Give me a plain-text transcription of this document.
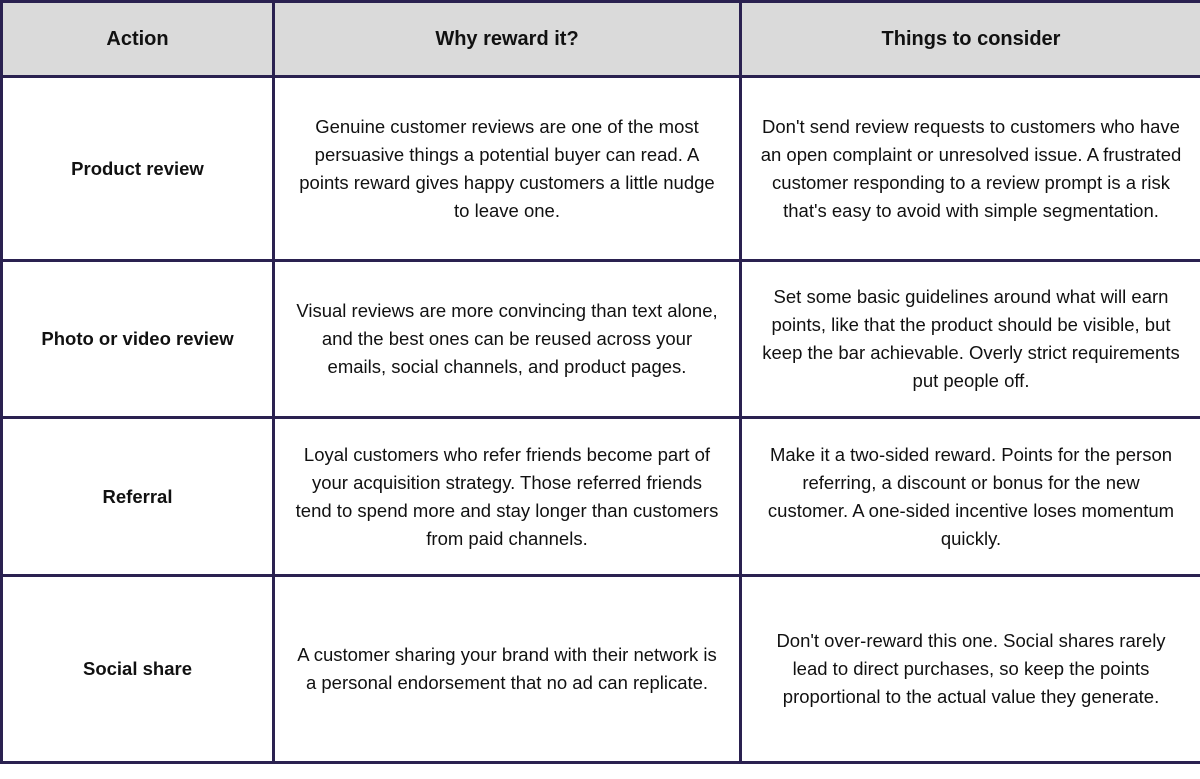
Action	Why reward it?	Things to consider
Product review	Genuine customer reviews are one of the most persuasive things a potential buyer can read. A points reward gives happy customers a little nudge to leave one.	Don't send review requests to customers who have an open complaint or unresolved issue. A frustrated customer responding to a review prompt is a risk that's easy to avoid with simple segmentation.
Photo or video review	Visual reviews are more convincing than text alone, and the best ones can be reused across your emails, social channels, and product pages.	Set some basic guidelines around what will earn points, like that the product should be visible, but keep the bar achievable. Overly strict requirements put people off.
Referral	Loyal customers who refer friends become part of your acquisition strategy. Those referred friends tend to spend more and stay longer than customers from paid channels.	Make it a two-sided reward. Points for the person referring, a discount or bonus for the new customer. A one-sided incentive loses momentum quickly.
Social share	A customer sharing your brand with their network is a personal endorsement that no ad can replicate.	Don't over-reward this one. Social shares rarely lead to direct purchases, so keep the points proportional to the actual value they generate.
